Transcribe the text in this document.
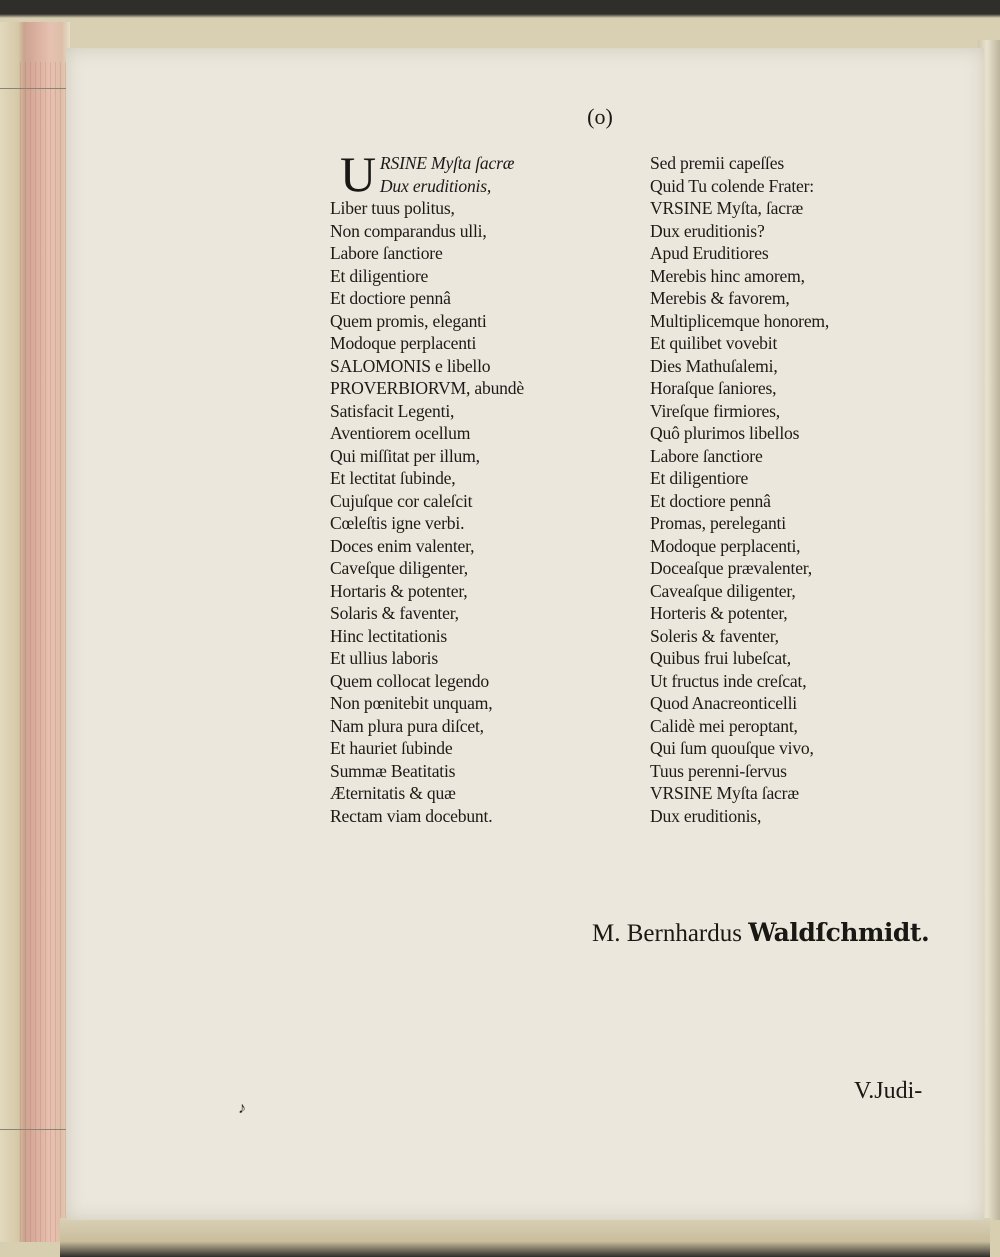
(o)
U RSINE Myſta ſacræ
Dux eruditionis,
Liber tuus politus,
Non comparandus ulli,
Labore ſanctiore
Et diligentiore
Et doctiore pennâ
Quem promis, eleganti
Modoque perplacenti
SALOMONIS e libello
PROVERBIORVM, abundè
Satisfacit Legenti,
Aventiorem ocellum
Qui miſſitat per illum,
Et lectitat ſubinde,
Cujuſque cor caleſcit
Cœleſtis igne verbi.
Doces enim valenter,
Caveſque diligenter,
Hortaris & potenter,
Solaris & faventer,
Hinc lectitationis
Et ullius laboris
Quem collocat legendo
Non pœnitebit unquam,
Nam plura pura diſcet,
Et hauriet ſubinde
Summæ Beatitatis
Æternitatis & quæ
Rectam viam docebunt.
Sed premii capeſſes
Quid Tu colende Frater:
VRSINE Myſta, ſacræ
Dux eruditionis?
Apud Eruditiores
Merebis hinc amorem,
Merebis & favorem,
Multiplicemque honorem,
Et quilibet vovebit
Dies Mathuſalemi,
Horaſque ſaniores,
Vireſque firmiores,
Quô plurimos libellos
Labore ſanctiore
Et diligentiore
Et doctiore pennâ
Promas, pereleganti
Modoque perplacenti,
Doceaſque prævalenter,
Caveaſque diligenter,
Horteris & potenter,
Soleris & faventer,
Quibus frui lubeſcat,
Ut fructus inde creſcat,
Quod Anacreonticelli
Calidè mei peroptant,
Qui ſum quouſque vivo,
Tuus perenni-ſervus
VRSINE Myſta ſacræ
Dux eruditionis,
M. Bernhardus Waldſchmidt.
V.Judi-
♪
